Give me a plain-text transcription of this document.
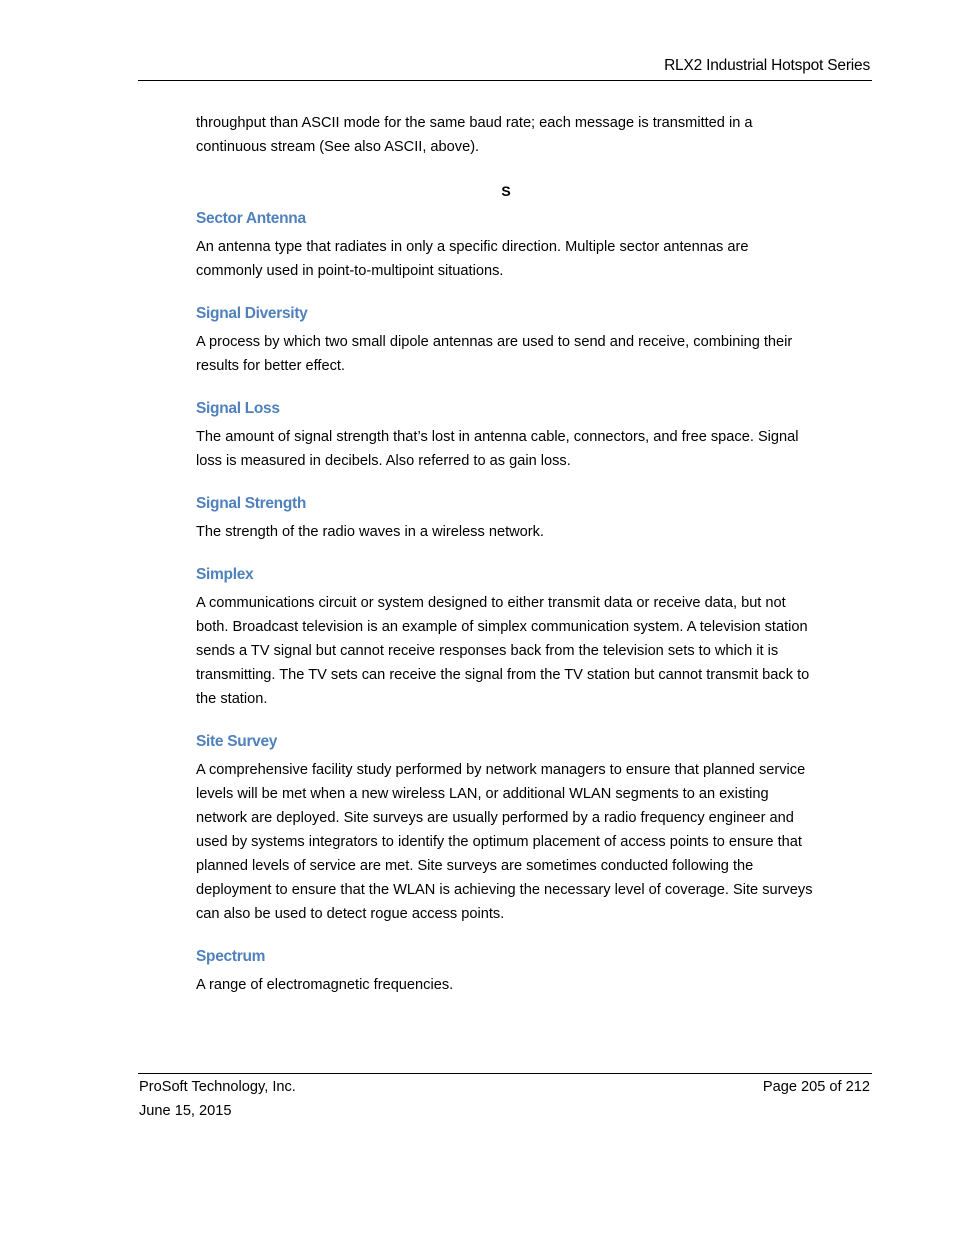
RLX2 Industrial Hotspot Series

throughput than ASCII mode for the same baud rate; each message is transmitted in a continuous stream (See also ASCII, above).

S
Sector Antenna

An antenna type that radiates in only a specific direction. Multiple sector antennas are commonly used in point-to-multipoint situations.

Signal Diversity

A process by which two small dipole antennas are used to send and receive, combining their results for better effect.

Signal Loss

The amount of signal strength that’s lost in antenna cable, connectors, and free space. Signal loss is measured in decibels. Also referred to as gain loss.

Signal Strength

The strength of the radio waves in a wireless network.

Simplex

A communications circuit or system designed to either transmit data or receive data, but not both. Broadcast television is an example of simplex communication system. A television station sends a TV signal but cannot receive responses back from the television sets to which it is transmitting. The TV sets can receive the signal from the TV station but cannot transmit back to the station.

Site Survey

A comprehensive facility study performed by network managers to ensure that planned service levels will be met when a new wireless LAN, or additional WLAN segments to an existing network are deployed. Site surveys are usually performed by a radio frequency engineer and used by systems integrators to identify the optimum placement of access points to ensure that planned levels of service are met. Site surveys are sometimes conducted following the deployment to ensure that the WLAN is achieving the necessary level of coverage. Site surveys can also be used to detect rogue access points.

Spectrum

A range of electromagnetic frequencies.

ProSoft Technology, Inc.
June 15, 2015
Page 205 of 212
